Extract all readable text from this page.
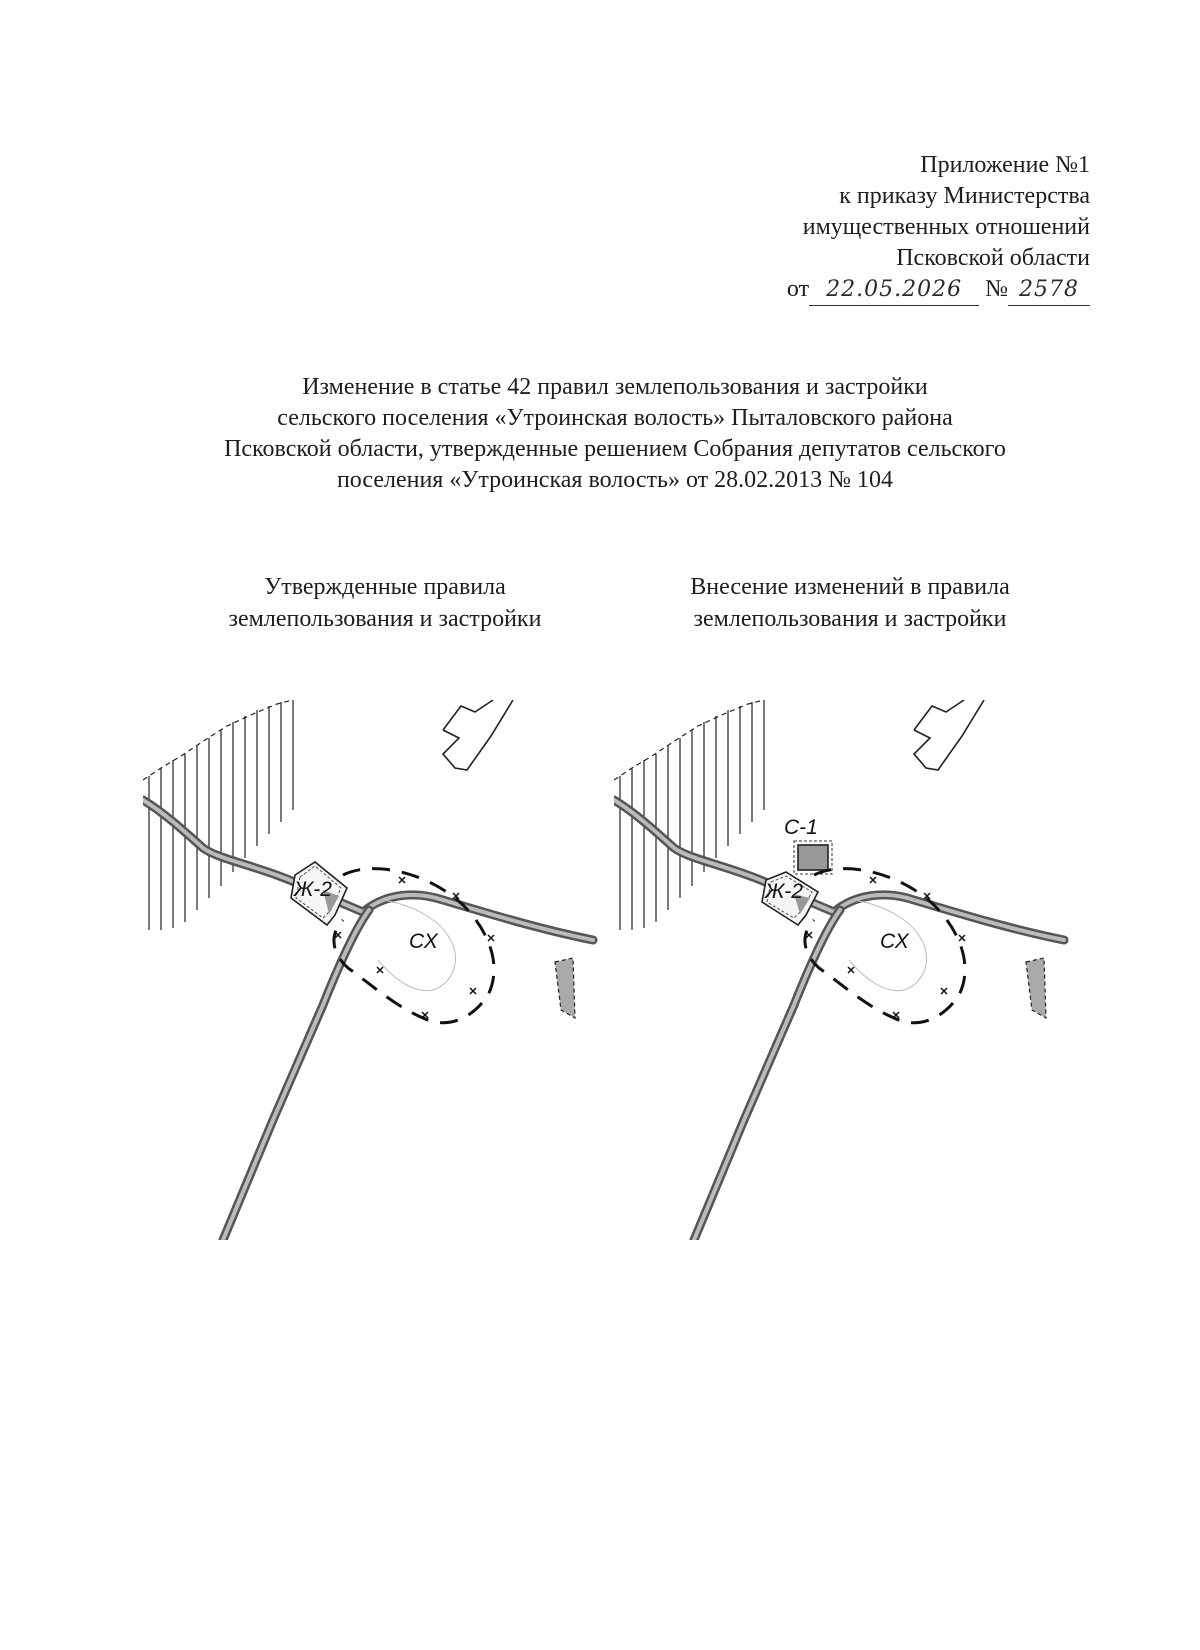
Приложение №1
к приказу Министерства
имущественных отношений
Псковской области
от 22.05.2026 № 2578
Изменение в статье 42 правил землепользования и застройки
сельского поселения «Утроинская волость» Пыталовского района
Псковской области, утвержденные решением Собрания депутатов сельского
поселения «Утроинская волость» от 28.02.2013 № 104
Утвержденные правила
землепользования и застройки
Внесение изменений в правила
землепользования и застройки
Ж-2
СХ
С-1
Ж-2
СХ
